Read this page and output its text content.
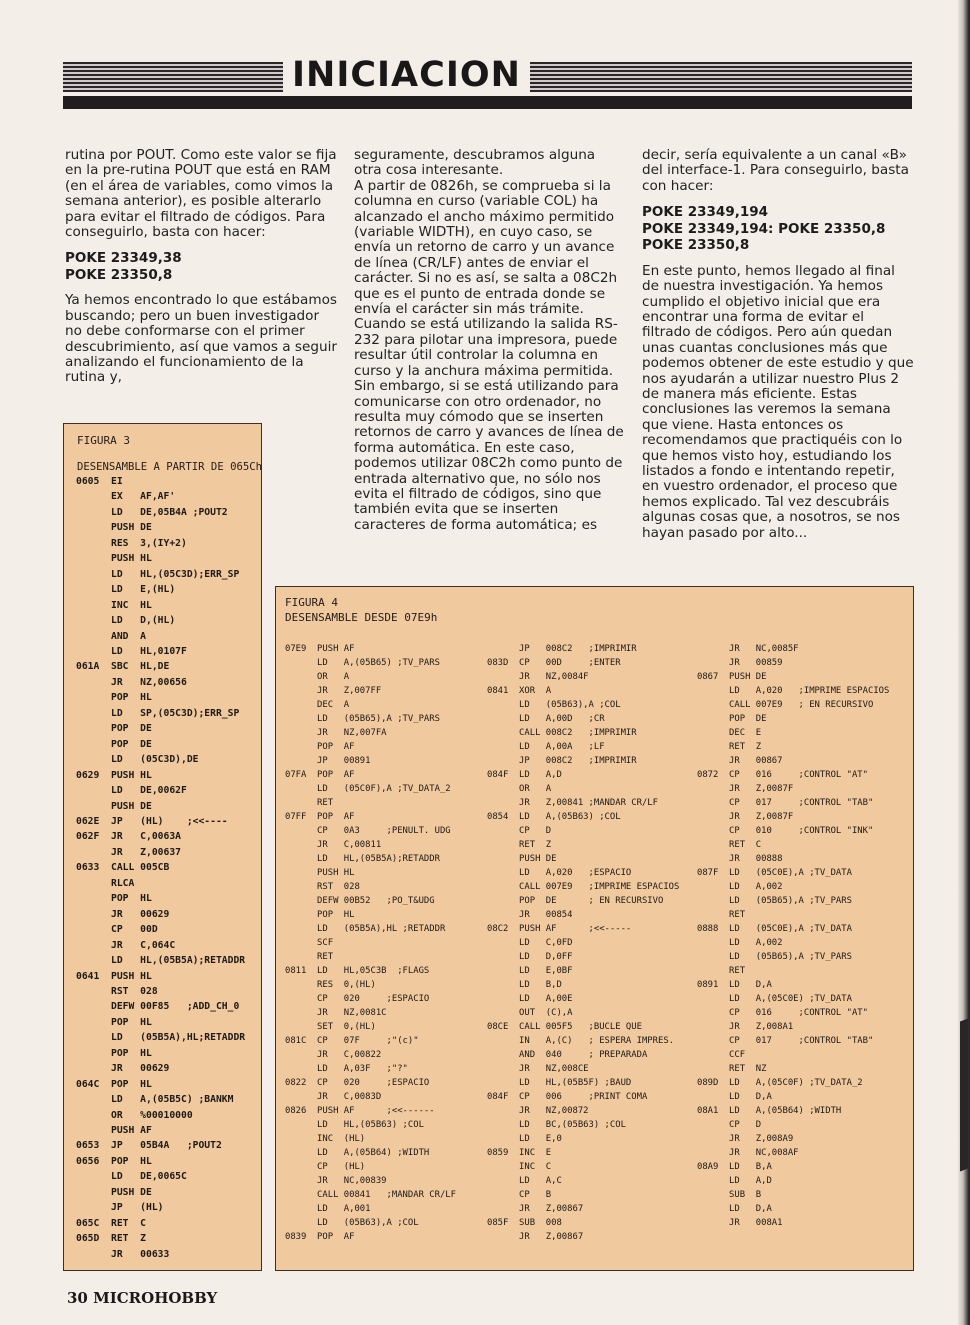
INICIACION

rutina por POUT. Como este valor se fija en la pre-rutina POUT que está en RAM (en el área de variables, como vimos la semana anterior), es posible alterarlo para evitar el filtrado de códigos. Para conseguirlo, basta con hacer:

POKE 23349,38
POKE 23350,8

Ya hemos encontrado lo que estábamos buscando; pero un buen investigador no debe conformarse con el primer descubrimiento, así que vamos a seguir analizando el funcionamiento de la rutina y,

seguramente, descubramos alguna otra cosa interesante.

A partir de 0826h, se comprueba si la columna en curso (variable COL) ha alcanzado el ancho máximo permitido (variable WIDTH), en cuyo caso, se envía un retorno de carro y un avance de línea (CR/LF) antes de enviar el carácter. Si no es así, se salta a 08C2h que es el punto de entrada donde se envía el carácter sin más trámite. Cuando se está utilizando la salida RS-232 para pilotar una impresora, puede resultar útil controlar la columna en curso y la anchura máxima permitida. Sin embargo, si se está utilizando para comunicarse con otro ordenador, no resulta muy cómodo que se inserten retornos de carro y avances de línea de forma automática. En este caso, podemos utilizar 08C2h como punto de entrada alternativo que, no sólo nos evita el filtrado de códigos, sino que también evita que se inserten caracteres de forma automática; es

decir, sería equivalente a un canal «B» del interface-1. Para conseguirlo, basta con hacer:

POKE 23349,194
POKE 23349,194: POKE 23350,8
POKE 23350,8

En este punto, hemos llegado al final de nuestra investigación. Ya hemos cumplido el objetivo inicial que era encontrar una forma de evitar el filtrado de códigos. Pero aún quedan unas cuantas conclusiones más que podemos obtener de este estudio y que nos ayudarán a utilizar nuestro Plus 2 de manera más eficiente. Estas conclusiones las veremos la semana que viene. Hasta entonces os recomendamos que practiquéis con lo que hemos visto hoy, estudiando los listados a fondo e intentando repetir, en vuestro ordenador, el proceso que hemos explicado. Tal vez descubráis algunas cosas que, a nosotros, se nos hayan pasado por alto...

FIGURA 3
DESENSAMBLE A PARTIR DE 065Ch
0605  EI
EX   AF,AF'
LD   DE,05B4A ;POUT2
PUSH DE
RES  3,(IY+2)
PUSH HL
LD   HL,(05C3D);ERR_SP
LD   E,(HL)
INC  HL
LD   D,(HL)
AND  A
LD   HL,0107F
061A  SBC  HL,DE
JR   NZ,00656
POP  HL
LD   SP,(05C3D);ERR_SP
POP  DE
POP  DE
LD   (05C3D),DE
0629  PUSH HL
LD   DE,0062F
PUSH DE
062E  JP   (HL)    ;<<----
062F  JR   C,0063A
JR   Z,00637
0633  CALL 005CB
RLCA
POP  HL
JR   00629
CP   00D
JR   C,064C
LD   HL,(05B5A);RETADDR
0641  PUSH HL
RST  028
DEFW 00F85   ;ADD_CH_0
POP  HL
LD   (05B5A),HL;RETADDR
POP  HL
JR   00629
064C  POP  HL
LD   A,(05B5C) ;BANKM
OR   %00010000
PUSH AF
0653  JP   05B4A   ;POUT2
0656  POP  HL
LD   DE,0065C
PUSH DE
JP   (HL)
065C  RET  C
065D  RET  Z
JR   00633
FIGURA 4
DESENSAMBLE DESDE 07E9h
07E9  PUSH AF
LD   A,(05B65) ;TV_PARS
OR   A
JR   Z,007FF
DEC  A
LD   (05B65),A ;TV_PARS
JR   NZ,007FA
POP  AF
JP   00891
07FA  POP  AF
LD   (05C0F),A ;TV_DATA_2
RET
07FF  POP  AF
CP   0A3     ;PENULT. UDG
JR   C,00811
LD   HL,(05B5A);RETADDR
PUSH HL
RST  028
DEFW 00B52   ;PO_T&UDG
POP  HL
LD   (05B5A),HL ;RETADDR
SCF
RET
0811  LD   HL,05C3B  ;FLAGS
RES  0,(HL)
CP   020     ;ESPACIO
JR   NZ,0081C
SET  0,(HL)
081C  CP   07F     ;"(c)"
JR   C,00822
LD   A,03F   ;"?"
0822  CP   020     ;ESPACIO
JR   C,0083D
0826  PUSH AF      ;<<------
LD   HL,(05B63) ;COL
INC  (HL)
LD   A,(05B64) ;WIDTH
CP   (HL)
JR   NC,00839
CALL 00841   ;MANDAR CR/LF
LD   A,001
LD   (05B63),A ;COL
0839  POP  AF
JP   008C2   ;IMPRIMIR
083D  CP   00D     ;ENTER
JR   NZ,0084F
0841  XOR  A
LD   (05B63),A ;COL
LD   A,00D   ;CR
CALL 008C2   ;IMPRIMIR
LD   A,00A   ;LF
JP   008C2   ;IMPRIMIR
084F  LD   A,D
OR   A
JR   Z,00841 ;MANDAR CR/LF
0854  LD   A,(05B63) ;COL
CP   D
RET  Z
PUSH DE
LD   A,020   ;ESPACIO
CALL 007E9   ;IMPRIME ESPACIOS
POP  DE      ; EN RECURSIVO
JR   00854
08C2  PUSH AF      ;<<-----
LD   C,0FD
LD   D,0FF
LD   E,0BF
LD   B,D
LD   A,00E
OUT  (C),A
08CE  CALL 005F5   ;BUCLE QUE
IN   A,(C)   ; ESPERA IMPRES.
AND  040     ; PREPARADA
JR   NZ,008CE
LD   HL,(05B5F) ;BAUD
084F  CP   006     ;PRINT COMA
JR   NZ,00872
LD   BC,(05B63) ;COL
LD   E,0
0859  INC  E
INC  C
LD   A,C
CP   B
JR   Z,00867
085F  SUB  008
JR   Z,00867
JR   NC,0085F
JR   00859
0867  PUSH DE
LD   A,020   ;IMPRIME ESPACIOS
CALL 007E9   ; EN RECURSIVO
POP  DE
DEC  E
RET  Z
JR   00867
0872  CP   016     ;CONTROL "AT"
JR   Z,0087F
CP   017     ;CONTROL "TAB"
JR   Z,0087F
CP   010     ;CONTROL "INK"
RET  C
JR   00888
087F  LD   (05C0E),A ;TV_DATA
LD   A,002
LD   (05B65),A ;TV_PARS
RET
0888  LD   (05C0E),A ;TV_DATA
LD   A,002
LD   (05B65),A ;TV_PARS
RET
0891  LD   D,A
LD   A,(05C0E) ;TV_DATA
CP   016     ;CONTROL "AT"
JR   Z,008A1
CP   017     ;CONTROL "TAB"
CCF
RET  NZ
089D  LD   A,(05C0F) ;TV_DATA_2
LD   D,A
08A1  LD   A,(05B64) ;WIDTH
CP   D
JR   Z,008A9
JR   NC,008AF
08A9  LD   B,A
LD   A,D
SUB  B
LD   D,A
JR   008A1
30 MICROHOBBY
